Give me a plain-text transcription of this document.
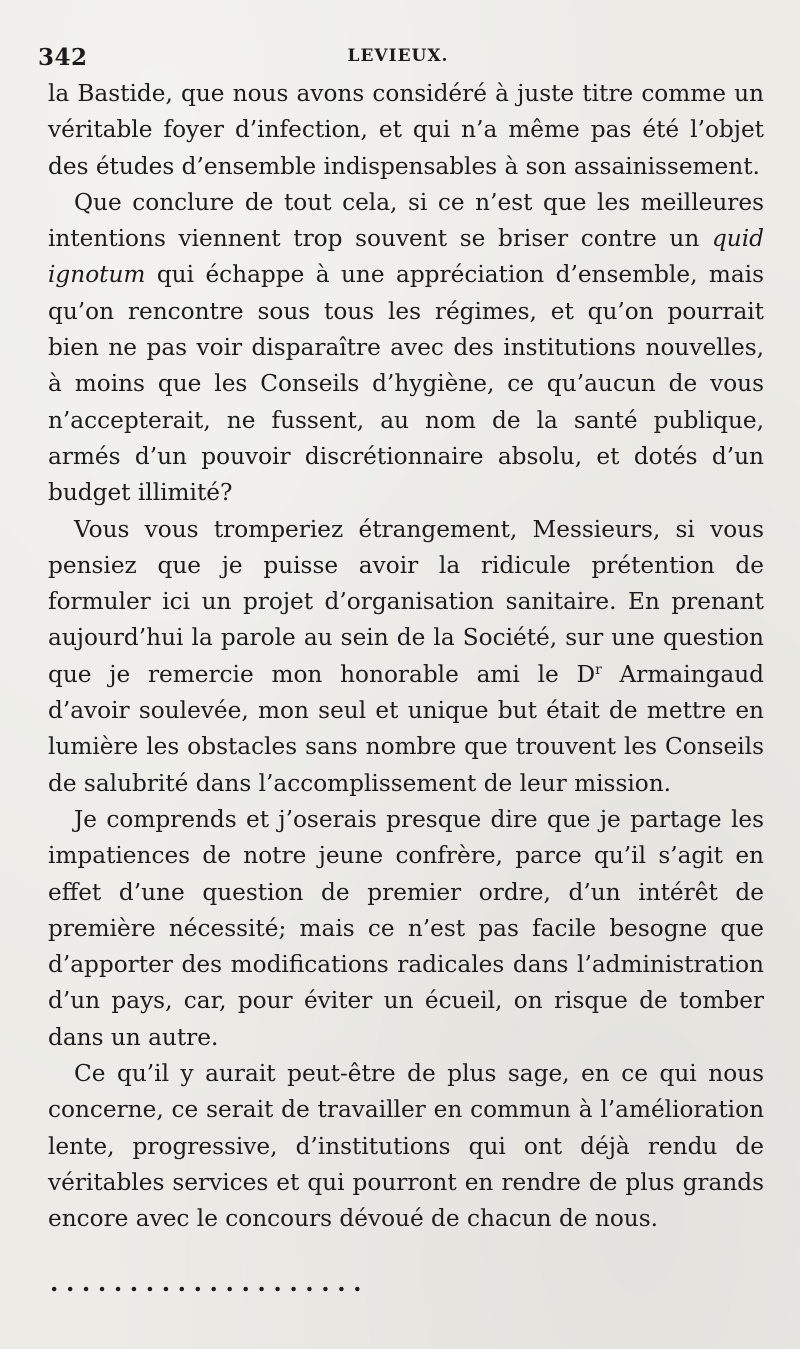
342	LEVIEUX.

la Bastide, que nous avons considéré à juste titre comme un véritable foyer d’infection, et qui n’a même pas été l’objet des études d’ensemble indispensables à son assainissement.

Que conclure de tout cela, si ce n’est que les meilleures intentions viennent trop souvent se briser contre un quid ignotum qui échappe à une appréciation d’ensemble, mais qu’on rencontre sous tous les régimes, et qu’on pourrait bien ne pas voir disparaître avec des institutions nouvelles, à moins que les Conseils d’hygiène, ce qu’aucun de vous n’accepterait, ne fussent, au nom de la santé publique, armés d’un pouvoir discrétionnaire absolu, et dotés d’un budget illimité?

Vous vous tromperiez étrangement, Messieurs, si vous pensiez que je puisse avoir la ridicule prétention de formuler ici un projet d’organisation sanitaire. En prenant aujourd’hui la parole au sein de la Société, sur une question que je remercie mon honorable ami le $D^r$ Armaingaud d’avoir soulevée, mon seul et unique but était de mettre en lumière les obstacles sans nombre que trouvent les Conseils de salubrité dans l’accomplissement de leur mission.

Je comprends et j’oserais presque dire que je partage les impatiences de notre jeune confrère, parce qu’il s’agit en effet d’une question de premier ordre, d’un intérêt de première nécessité; mais ce n’est pas facile besogne que d’apporter des modifications radicales dans l’administration d’un pays, car, pour éviter un écueil, on risque de tomber dans un autre.

Ce qu’il y aurait peut-être de plus sage, en ce qui nous concerne, ce serait de travailler en commun à l’amélioration lente, progressive, d’institutions qui ont déjà rendu de véritables services et qui pourront en rendre de plus grands encore avec le concours dévoué de chacun de nous.

....................
